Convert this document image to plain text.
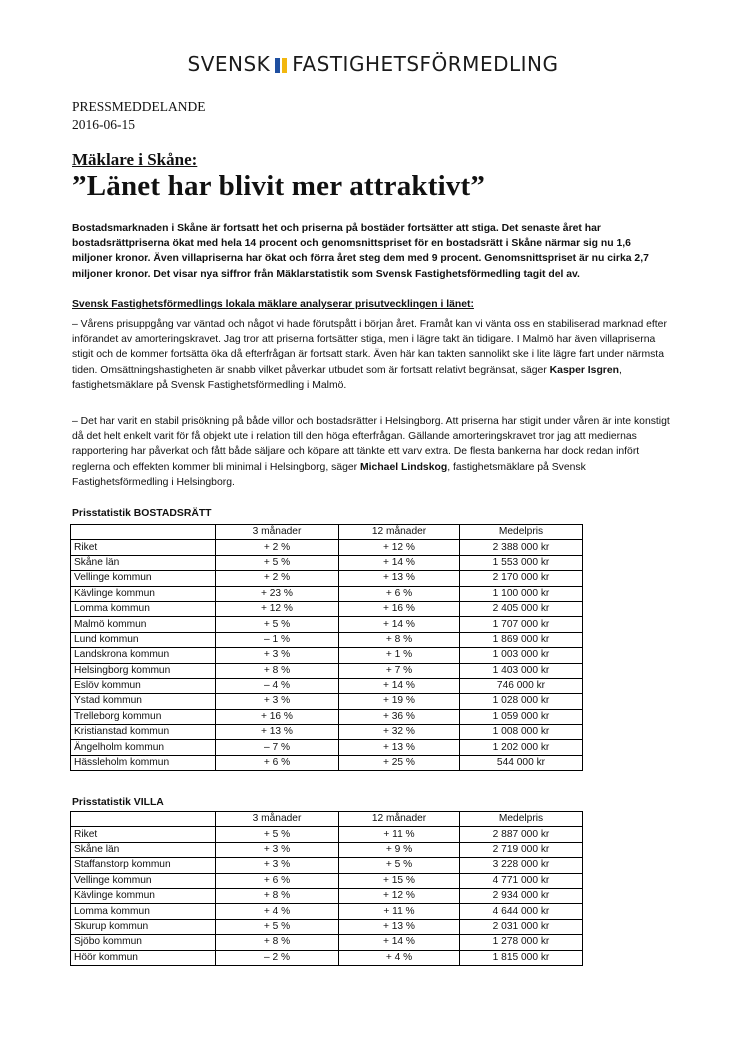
SVENSK FASTIGHETSFÖRMEDLING
PRESSMEDDELANDE
2016-06-15
Mäklare i Skåne:
”Länet har blivit mer attraktivt”
Bostadsmarknaden i Skåne är fortsatt het och priserna på bostäder fortsätter att stiga. Det senaste året har bostadsrättpriserna ökat med hela 14 procent och genomsnittspriset för en bostadsrätt i Skåne närmar sig nu 1,6 miljoner kronor. Även villapriserna har ökat och förra året steg dem med 9 procent. Genomsnittspriset är nu cirka 2,7 miljoner kronor. Det visar nya siffror från Mäklarstatistik som Svensk Fastighetsförmedling tagit del av.
Svensk Fastighetsförmedlings lokala mäklare analyserar prisutvecklingen i länet:
– Vårens prisuppgång var väntad och något vi hade förutspått i början året. Framåt kan vi vänta oss en stabiliserad marknad efter införandet av amorteringskravet. Jag tror att priserna fortsätter stiga, men i lägre takt än tidigare. I Malmö har även villapriserna stigit och de kommer fortsätta öka då efterfrågan är fortsatt stark. Även här kan takten sannolikt ske i lite lägre fart under närmsta tiden. Omsättningshastigheten är snabb vilket påverkar utbudet som är fortsatt relativt begränsat, säger Kasper Isgren, fastighetsmäklare på Svensk Fastighetsförmedling i Malmö.
– Det har varit en stabil prisökning på både villor och bostadsrätter i Helsingborg. Att priserna har stigit under våren är inte konstigt då det helt enkelt varit för få objekt ute i relation till den höga efterfrågan. Gällande amorteringskravet tror jag att mediernas rapportering har påverkat och fått både säljare och köpare att tänkte ett varv extra. De flesta bankerna har dock redan infört reglerna och effekten kommer bli minimal i Helsingborg, säger Michael Lindskog, fastighetsmäklare på Svensk Fastighetsförmedling i Helsingborg.
Prisstatistik BOSTADSRÄTT
	3 månader	12 månader	Medelpris
Riket	+ 2 %	+ 12 %	2 388 000 kr
Skåne län	+ 5 %	+ 14 %	1 553 000 kr
Vellinge kommun	+ 2 %	+ 13 %	2 170 000 kr
Kävlinge kommun	+ 23 %	+ 6 %	1 100 000 kr
Lomma kommun	+ 12 %	+ 16 %	2 405 000 kr
Malmö kommun	+ 5 %	+ 14 %	1 707 000 kr
Lund kommun	– 1 %	+ 8 %	1 869 000 kr
Landskrona kommun	+ 3 %	+ 1 %	1 003 000 kr
Helsingborg kommun	+ 8 %	+ 7 %	1 403 000 kr
Eslöv kommun	– 4 %	+ 14 %	746 000 kr
Ystad kommun	+ 3 %	+ 19 %	1 028 000 kr
Trelleborg kommun	+ 16 %	+ 36 %	1 059 000 kr
Kristianstad kommun	+ 13 %	+ 32 %	1 008 000 kr
Ängelholm kommun	– 7 %	+ 13 %	1 202 000 kr
Hässleholm kommun	+ 6 %	+ 25 %	544 000 kr
Prisstatistik VILLA
	3 månader	12 månader	Medelpris
Riket	+ 5 %	+ 11 %	2 887 000 kr
Skåne län	+ 3 %	+ 9 %	2 719 000 kr
Staffanstorp kommun	+ 3 %	+ 5 %	3 228 000 kr
Vellinge kommun	+ 6 %	+ 15 %	4 771 000 kr
Kävlinge kommun	+ 8 %	+ 12 %	2 934 000 kr
Lomma kommun	+ 4 %	+ 11 %	4 644 000 kr
Skurup kommun	+ 5 %	+ 13 %	2 031 000 kr
Sjöbo kommun	+ 8 %	+ 14 %	1 278 000 kr
Höör kommun	– 2 %	+ 4 %	1 815 000 kr
